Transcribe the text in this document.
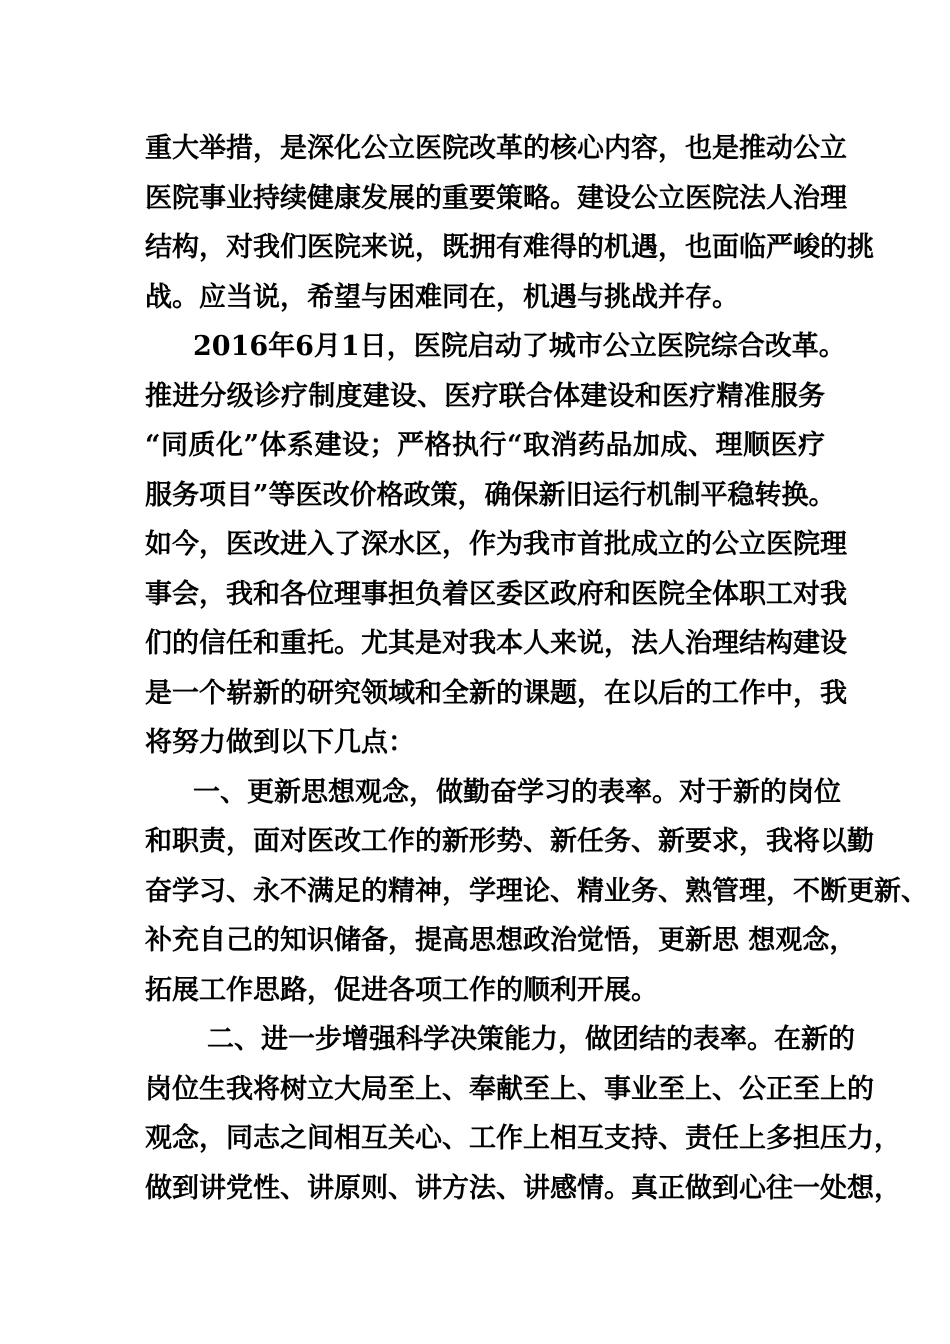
重大举措，是深化公立医院改革的核心内容，也是推动公立
医院事业持续健康发展的重要策略。建设公立医院法人治理
结构，对我们医院来说，既拥有难得的机遇，也面临严峻的挑
战。应当说，希望与困难同在，机遇与挑战并存。
2016年6月1日，医院启动了城市公立医院综合改革。
推进分级诊疗制度建设、医疗联合体建设和医疗精准服务
“同质化”体系建设；严格执行“取消药品加成、理顺医疗
服务项目”等医改价格政策，确保新旧运行机制平稳转换。
如今，医改进入了深水区，作为我市首批成立的公立医院理
事会，我和各位理事担负着区委区政府和医院全体职工对我
们的信任和重托。尤其是对我本人来说，法人治理结构建设
是一个崭新的研究领域和全新的课题，在以后的工作中，我
将努力做到以下几点：
一、更新思想观念，做勤奋学习的表率。对于新的岗位
和职责，面对医改工作的新形势、新任务、新要求，我将以勤
奋学习、永不满足的精神，学理论、精业务、熟管理，不断更新、
补充自己的知识储备，提高思想政治觉悟，更新思 想观念，
拓展工作思路，促进各项工作的顺利开展。
二、进一步增强科学决策能力，做团结的表率。在新的
岗位生我将树立大局至上、奉献至上、事业至上、公正至上的
观念，同志之间相互关心、工作上相互支持、责任上多担压力，
做到讲党性、讲原则、讲方法、讲感情。真正做到心往一处想，
